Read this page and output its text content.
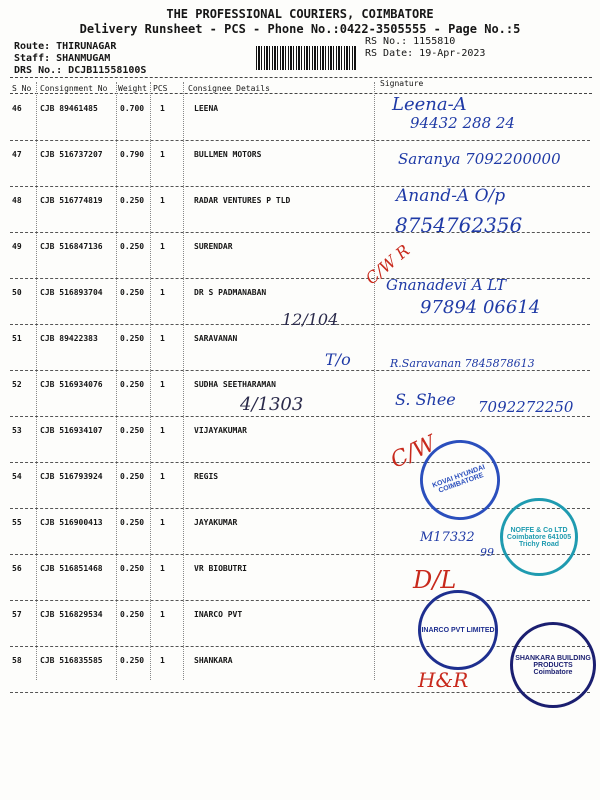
THE PROFESSIONAL COURIERS, COIMBATORE
Delivery Runsheet - PCS - Phone No.:0422-3505555 - Page No.:5
Route: THIRUNAGAR
Staff: SHANMUGAM
DRS No.: DCJB11558100S
RS No.: 1155810
RS Date: 19-Apr-2023
S No Consignment No Weight PCS	Consignee Details
Signature
46 CJB 89461485	0.700 1	LEENA
47 CJB 516737207 0.790 1	BULLMEN MOTORS
48 CJB 516774819 0.250 1	RADAR VENTURES P TLD
49 CJB 516847136 0.250 1	SURENDAR
50 CJB 516893704 0.250 1	DR S PADMANABAN
51 CJB 89422383	0.250 1	SARAVANAN
52 CJB 516934076 0.250 1	SUDHA SEETHARAMAN
53 CJB 516934107 0.250 1	VIJAYAKUMAR
54 CJB 516793924 0.250 1	REGIS
55 CJB 516900413 0.250 1	JAYAKUMAR
56 CJB 516851468 0.250 1	VR BIOBUTRI
57 CJB 516829534 0.250 1	INARCO PVT
58 CJB 516835585 0.250 1	SHANKARA
Leena-A
94432 288 24
Saranya 7092200000
Anand-A O/p
8754762356
C/W R
Gnanadevi A LT
97894 06614
12/104
T/o	R.Saravanan 7845878613
4/1303	S. Shee 7092272250
C/W
M17332
99
D/L
H&R
KOVAI HYUNDAI COIMBATORE
NOFFE & Co LTD Coimbatore 641005 Trichy Road
INARCO PVT LIMITED
SHANKARA BUILDING PRODUCTS Coimbatore
